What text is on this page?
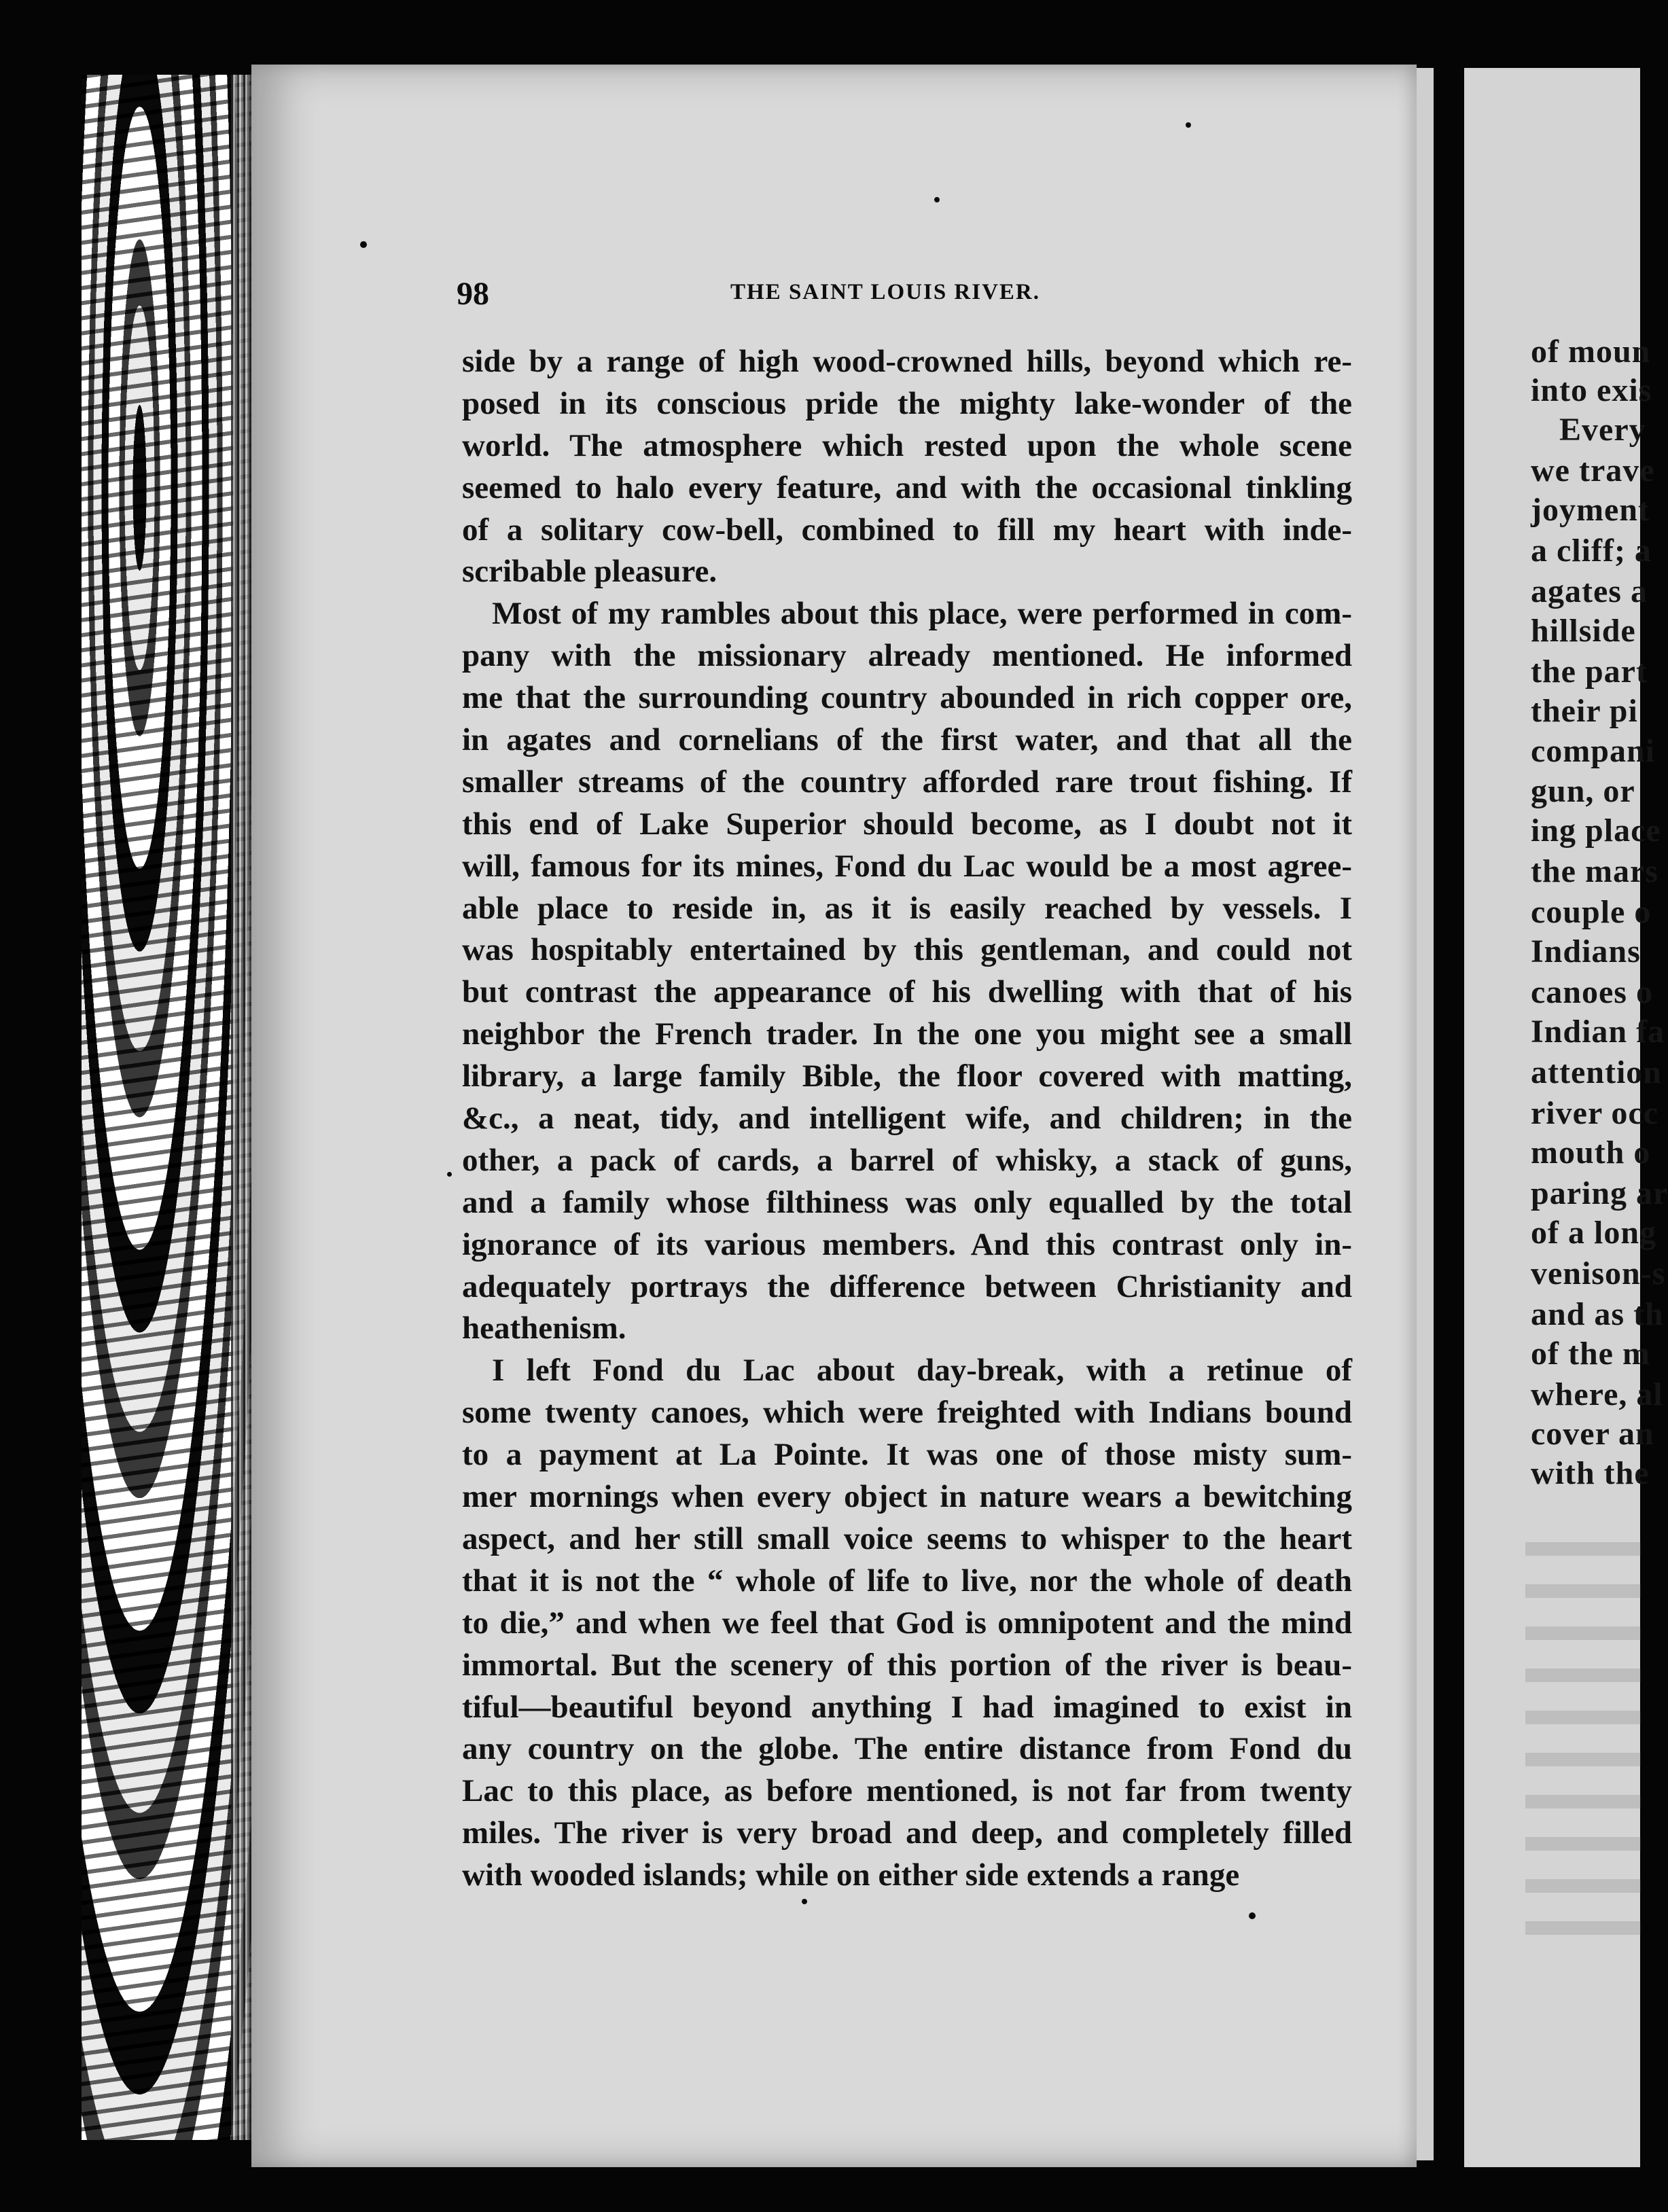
98	THE SAINT LOUIS RIVER.
side by a range of high wood-crowned hills, beyond which re-
posed in its conscious pride the mighty lake-wonder of the
world. The atmosphere which rested upon the whole scene
seemed to halo every feature, and with the occasional tinkling
of a solitary cow-bell, combined to fill my heart with inde-
scribable pleasure.
Most of my rambles about this place, were performed in com-
pany with the missionary already mentioned. He informed
me that the surrounding country abounded in rich copper ore,
in agates and cornelians of the first water, and that all the
smaller streams of the country afforded rare trout fishing. If
this end of Lake Superior should become, as I doubt not it
will, famous for its mines, Fond du Lac would be a most agree-
able place to reside in, as it is easily reached by vessels. I
was hospitably entertained by this gentleman, and could not
but contrast the appearance of his dwelling with that of his
neighbor the French trader. In the one you might see a small
library, a large family Bible, the floor covered with matting,
&c., a neat, tidy, and intelligent wife, and children; in the
other, a pack of cards, a barrel of whisky, a stack of guns,
and a family whose filthiness was only equalled by the total
ignorance of its various members. And this contrast only in-
adequately portrays the difference between Christianity and
heathenism.
I left Fond du Lac about day-break, with a retinue of
some twenty canoes, which were freighted with Indians bound
to a payment at La Pointe. It was one of those misty sum-
mer mornings when every object in nature wears a bewitching
aspect, and her still small voice seems to whisper to the heart
that it is not the “ whole of life to live, nor the whole of death
to die,” and when we feel that God is omnipotent and the mind
immortal. But the scenery of this portion of the river is beau-
tiful—beautiful beyond anything I had imagined to exist in
any country on the globe. The entire distance from Fond du
Lac to this place, as before mentioned, is not far from twenty
miles. The river is very broad and deep, and completely filled
with wooded islands; while on either side extends a range
of moun
into exis
Every
we trave
joyment
a cliff; a
agates a
hillside
the part
their pi
compani
gun, or
ing place
the mars
couple o
Indians
canoes o
Indian fa
attention
river occ
mouth o
paring ar
of a long
venison-s
and as th
of the m
where, al
cover an
with the
